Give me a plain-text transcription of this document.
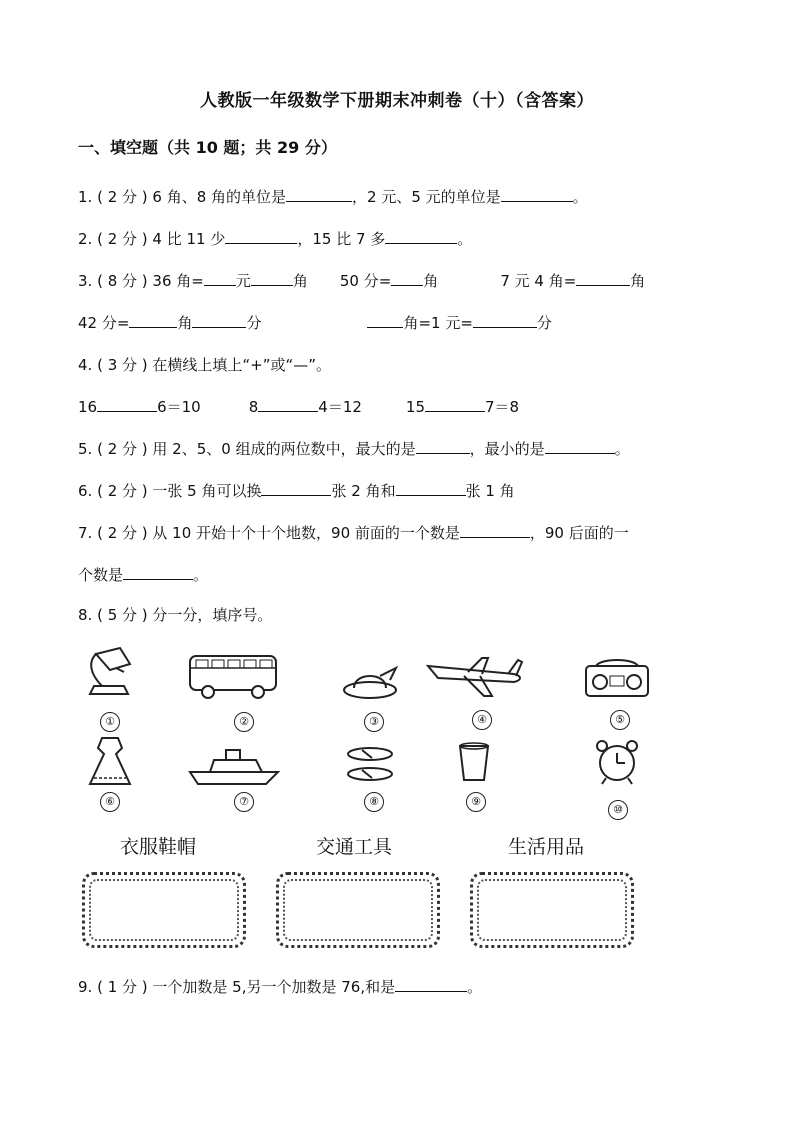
人教版一年级数学下册期末冲刺卷（十）（含答案）
一、填空题（共 10 题；共 29 分）
1. ( 2 分 ) 6 角、8 角的单位是	，2 元、5 元的单位是	。
2. ( 2 分 ) 4 比 11 少	，15 比 7 多	。
3. ( 8 分 ) 36 角= 元	角 50 分= 角	7 元 4 角=	角
42 分=	角	分	角=1 元=	分
4. ( 3 分 ) 在横线上填上“+”或“—”。
16	6＝10	8	4＝12	15	7＝8
5. ( 2 分 ) 用 2、5、0 组成的两位数中，最大的是	，最小的是	。
6. ( 2 分 ) 一张 5 角可以换	张 2 角和	张 1 角
7. ( 2 分 ) 从 10 开始十个十个地数，90 前面的一个数是	，90 后面的一
个数是	。
8. ( 5 分 ) 分一分，填序号。
①	②	③	④	⑤
⑥	⑦	⑧	⑨
⑩
衣服鞋帽	交通工具	生活用品
9. ( 1 分 ) 一个加数是 5,另一个加数是 76,和是	。
